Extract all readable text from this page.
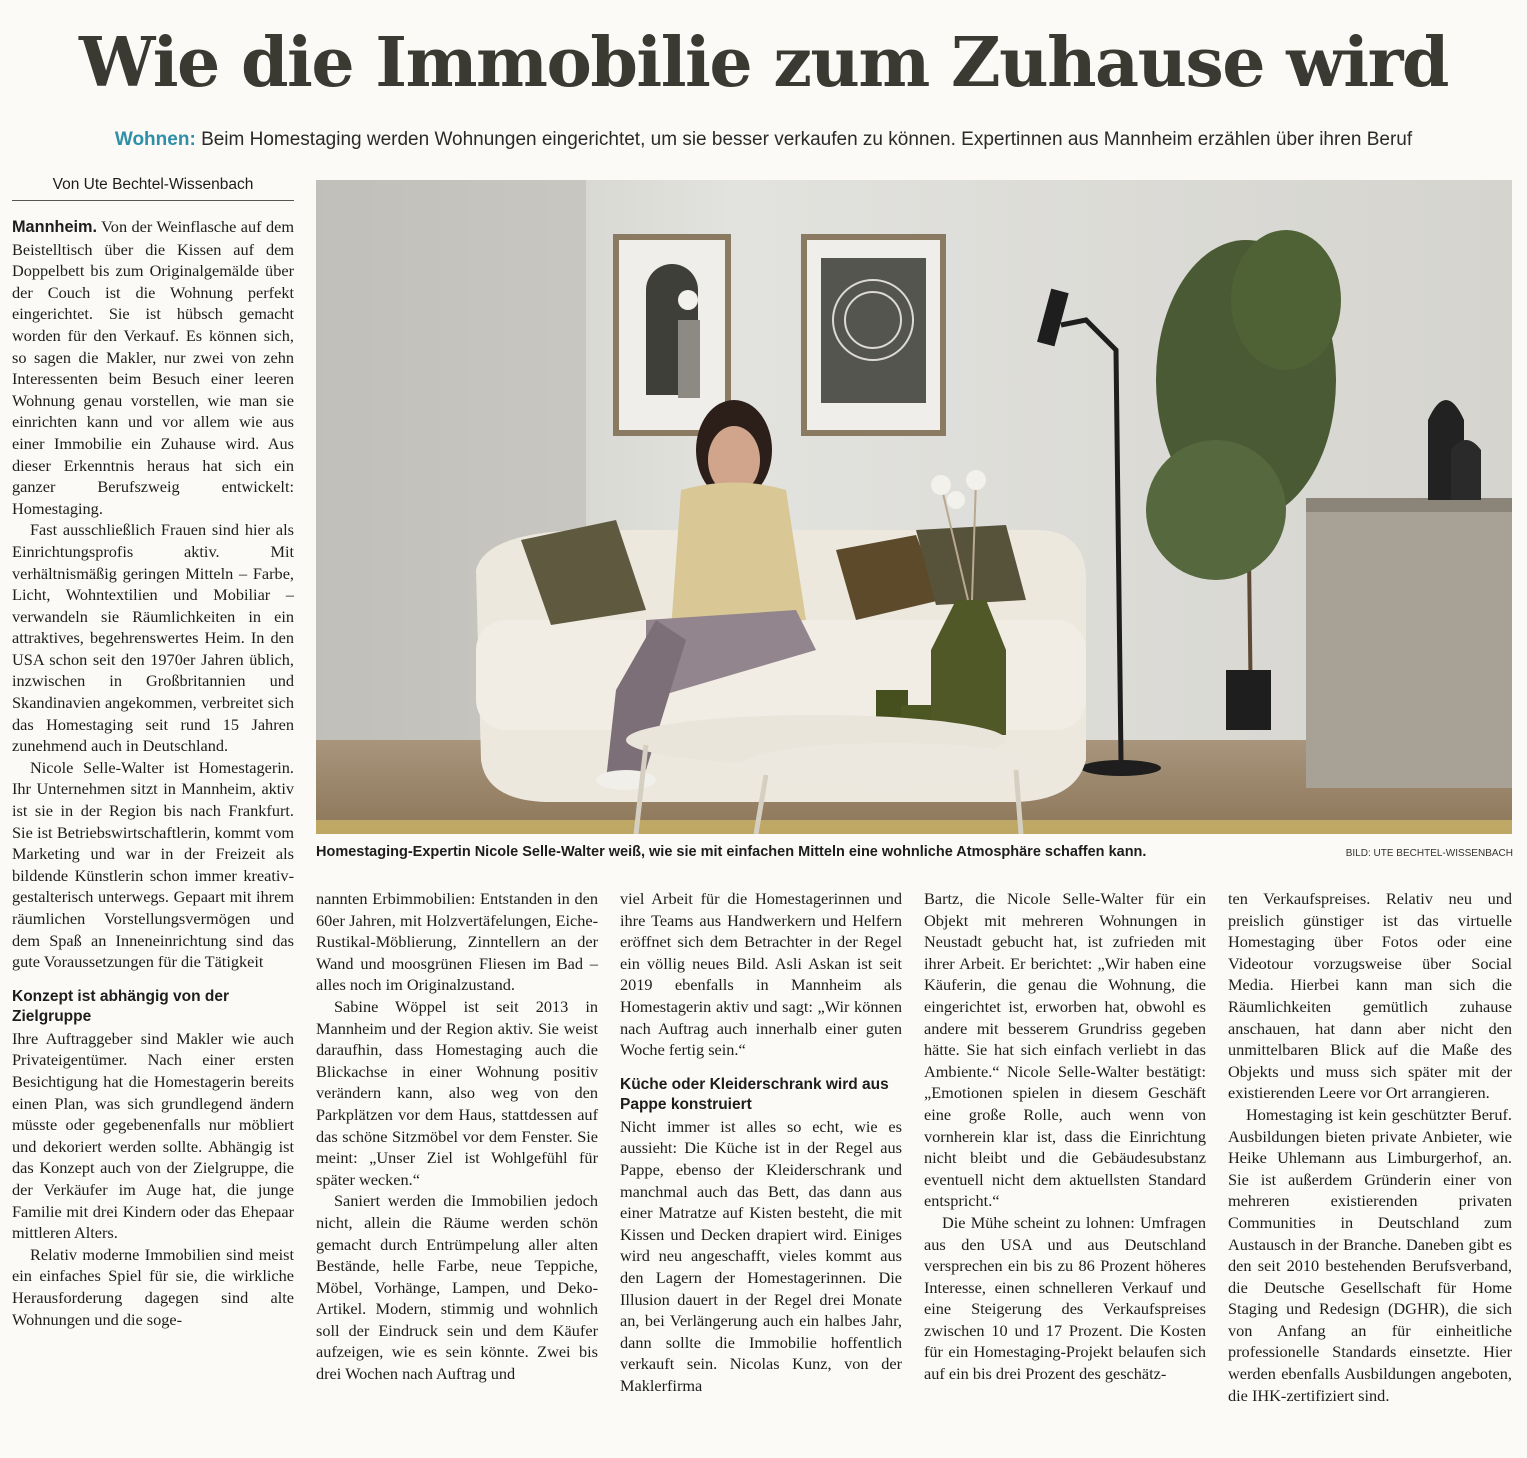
Wie die Immobilie zum Zuhause wird
Wohnen: Beim Homestaging werden Wohnungen eingerichtet, um sie besser verkaufen zu können. Expertinnen aus Mannheim erzählen über ihren Beruf
Von Ute Bechtel-Wissenbach
Homestaging-Expertin Nicole Selle-Walter weiß, wie sie mit einfachen Mitteln eine wohnliche Atmosphäre schaffen kann.	BILD: UTE BECHTEL-WISSENBACH

Mannheim. Von der Weinflasche auf dem Beistelltisch über die Kissen auf dem Doppelbett bis zum Originalgemälde über der Couch ist die Wohnung perfekt eingerichtet. Sie ist hübsch gemacht worden für den Verkauf. Es können sich, so sagen die Makler, nur zwei von zehn Interessenten beim Besuch einer leeren Wohnung genau vorstellen, wie man sie einrichten kann und vor allem wie aus einer Immobilie ein Zuhause wird. Aus dieser Erkenntnis heraus hat sich ein ganzer Berufszweig entwickelt: Homestaging.

Fast ausschließlich Frauen sind hier als Einrichtungsprofis aktiv. Mit verhältnismäßig geringen Mitteln – Farbe, Licht, Wohntextilien und Mobiliar – verwandeln sie Räumlichkeiten in ein attraktives, begehrenswertes Heim. In den USA schon seit den 1970er Jahren üblich, inzwischen in Großbritannien und Skandinavien angekommen, verbreitet sich das Homestaging seit rund 15 Jahren zunehmend auch in Deutschland.

Nicole Selle-Walter ist Homestagerin. Ihr Unternehmen sitzt in Mannheim, aktiv ist sie in der Region bis nach Frankfurt. Sie ist Betriebswirtschaftlerin, kommt vom Marketing und war in der Freizeit als bildende Künstlerin schon immer kreativ-gestalterisch unterwegs. Gepaart mit ihrem räumlichen Vorstellungsvermögen und dem Spaß an Inneneinrichtung sind das gute Voraussetzungen für die Tätigkeit

Konzept ist abhängig von der Zielgruppe

Ihre Auftraggeber sind Makler wie auch Privateigentümer. Nach einer ersten Besichtigung hat die Homestagerin bereits einen Plan, was sich grundlegend ändern müsste oder gegebenenfalls nur möbliert und dekoriert werden sollte. Abhängig ist das Konzept auch von der Zielgruppe, die der Verkäufer im Auge hat, die junge Familie mit drei Kindern oder das Ehepaar mittleren Alters.

Relativ moderne Immobilien sind meist ein einfaches Spiel für sie, die wirkliche Herausforderung dagegen sind alte Wohnungen und die soge-

nannten Erbimmobilien: Entstanden in den 60er Jahren, mit Holzvertäfelungen, Eiche-Rustikal-Möblierung, Zinntellern an der Wand und moosgrünen Fliesen im Bad – alles noch im Originalzustand.

Sabine Wöppel ist seit 2013 in Mannheim und der Region aktiv. Sie weist daraufhin, dass Homestaging auch die Blickachse in einer Wohnung positiv verändern kann, also weg von den Parkplätzen vor dem Haus, stattdessen auf das schöne Sitzmöbel vor dem Fenster. Sie meint: „Unser Ziel ist Wohlgefühl für später wecken.“

Saniert werden die Immobilien jedoch nicht, allein die Räume werden schön gemacht durch Entrümpelung aller alten Bestände, helle Farbe, neue Teppiche, Möbel, Vorhänge, Lampen, und Deko-Artikel. Modern, stimmig und wohnlich soll der Eindruck sein und dem Käufer aufzeigen, wie es sein könnte. Zwei bis drei Wochen nach Auftrag und

viel Arbeit für die Homestagerinnen und ihre Teams aus Handwerkern und Helfern eröffnet sich dem Betrachter in der Regel ein völlig neues Bild. Asli Askan ist seit 2019 ebenfalls in Mannheim als Homestagerin aktiv und sagt: „Wir können nach Auftrag auch innerhalb einer guten Woche fertig sein.“

Küche oder Kleiderschrank wird aus Pappe konstruiert

Nicht immer ist alles so echt, wie es aussieht: Die Küche ist in der Regel aus Pappe, ebenso der Kleiderschrank und manchmal auch das Bett, das dann aus einer Matratze auf Kisten besteht, die mit Kissen und Decken drapiert wird. Einiges wird neu angeschafft, vieles kommt aus den Lagern der Homestagerinnen. Die Illusion dauert in der Regel drei Monate an, bei Verlängerung auch ein halbes Jahr, dann sollte die Immobilie hoffentlich verkauft sein. Nicolas Kunz, von der Maklerfirma

Bartz, die Nicole Selle-Walter für ein Objekt mit mehreren Wohnungen in Neustadt gebucht hat, ist zufrieden mit ihrer Arbeit. Er berichtet: „Wir haben eine Käuferin, die genau die Wohnung, die eingerichtet ist, erworben hat, obwohl es andere mit besserem Grundriss gegeben hätte. Sie hat sich einfach verliebt in das Ambiente.“ Nicole Selle-Walter bestätigt: „Emotionen spielen in diesem Geschäft eine große Rolle, auch wenn von vornherein klar ist, dass die Einrichtung nicht bleibt und die Gebäudesubstanz eventuell nicht dem aktuellsten Standard entspricht.“

Die Mühe scheint zu lohnen: Umfragen aus den USA und aus Deutschland versprechen ein bis zu 86 Prozent höheres Interesse, einen schnelleren Verkauf und eine Steigerung des Verkaufspreises zwischen 10 und 17 Prozent. Die Kosten für ein Homestaging-Projekt belaufen sich auf ein bis drei Prozent des geschätz-

ten Verkaufspreises. Relativ neu und preislich günstiger ist das virtuelle Homestaging über Fotos oder eine Videotour vorzugsweise über Social Media. Hierbei kann man sich die Räumlichkeiten gemütlich zuhause anschauen, hat dann aber nicht den unmittelbaren Blick auf die Maße des Objekts und muss sich später mit der existierenden Leere vor Ort arrangieren.

Homestaging ist kein geschützter Beruf. Ausbildungen bieten private Anbieter, wie Heike Uhlemann aus Limburgerhof, an. Sie ist außerdem Gründerin einer von mehreren existierenden privaten Communities in Deutschland zum Austausch in der Branche. Daneben gibt es den seit 2010 bestehenden Berufsverband, die Deutsche Gesellschaft für Home Staging und Redesign (DGHR), die sich von Anfang an für einheitliche professionelle Standards einsetzte. Hier werden ebenfalls Ausbildungen angeboten, die IHK-zertifiziert sind.
